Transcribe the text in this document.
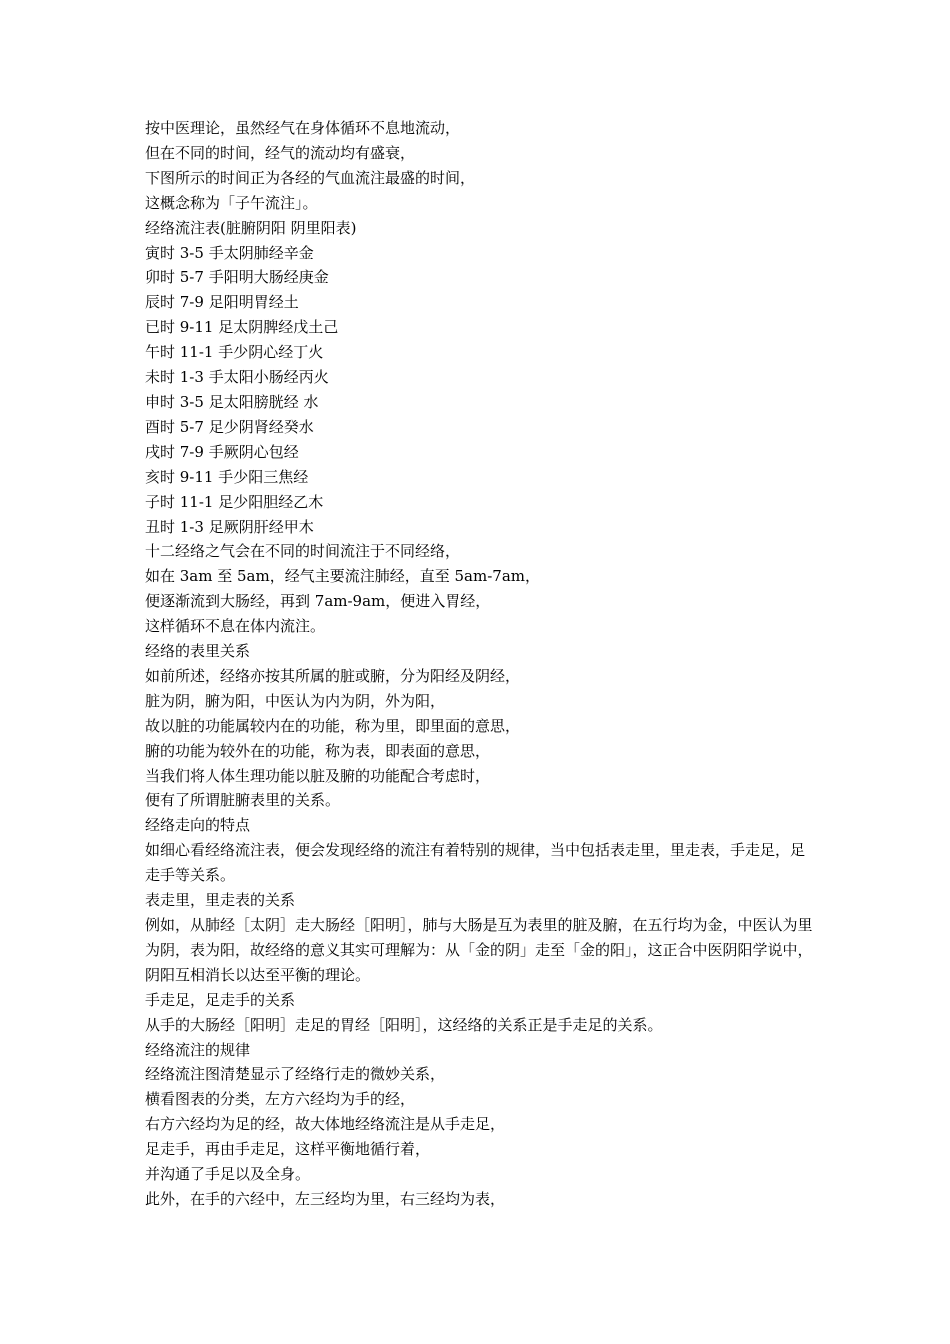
按中医理论，虽然经气在身体循环不息地流动，
但在不同的时间，经气的流动均有盛衰，
下图所示的时间正为各经的气血流注最盛的时间，
这概念称为「子午流注」。
经络流注表(脏腑阴阳 阴里阳表)
寅时 3-5 手太阴肺经辛金
卯时 5-7 手阳明大肠经庚金
辰时 7-9 足阳明胃经土
已时 9-11 足太阴脾经戊土己
午时 11-1 手少阴心经丁火
未时 1-3 手太阳小肠经丙火
申时 3-5 足太阳膀胱经 水
酉时 5-7 足少阴肾经癸水
戌时 7-9 手厥阴心包经
亥时 9-11 手少阳三焦经
子时 11-1 足少阳胆经乙木
丑时 1-3 足厥阴肝经甲木
十二经络之气会在不同的时间流注于不同经络，
如在 3am 至 5am，经气主要流注肺经，直至 5am-7am，
便逐渐流到大肠经，再到 7am-9am，便进入胃经，
这样循环不息在体内流注。
经络的表里关系
如前所述，经络亦按其所属的脏或腑，分为阳经及阴经，
脏为阴，腑为阳，中医认为内为阴，外为阳，
故以脏的功能属较内在的功能，称为里，即里面的意思，
腑的功能为较外在的功能，称为表，即表面的意思，
当我们将人体生理功能以脏及腑的功能配合考虑时，
便有了所谓脏腑表里的关系。
经络走向的特点
如细心看经络流注表，便会发现经络的流注有着特别的规律，当中包括表走里，里走表，手走足，足走手等关系。
表走里，里走表的关系
例如，从肺经［太阴］走大肠经［阳明］，肺与大肠是互为表里的脏及腑，在五行均为金，中医认为里为阴，表为阳，故经络的意义其实可理解为：从「金的阴」走至「金的阳」，这正合中医阴阳学说中，阴阳互相消长以达至平衡的理论。
手走足，足走手的关系
从手的大肠经［阳明］走足的胃经［阳明］，这经络的关系正是手走足的关系。
经络流注的规律
经络流注图清楚显示了经络行走的微妙关系，
横看图表的分类，左方六经均为手的经，
右方六经均为足的经，故大体地经络流注是从手走足，
足走手，再由手走足，这样平衡地循行着，
并沟通了手足以及全身。
此外，在手的六经中，左三经均为里，右三经均为表，
